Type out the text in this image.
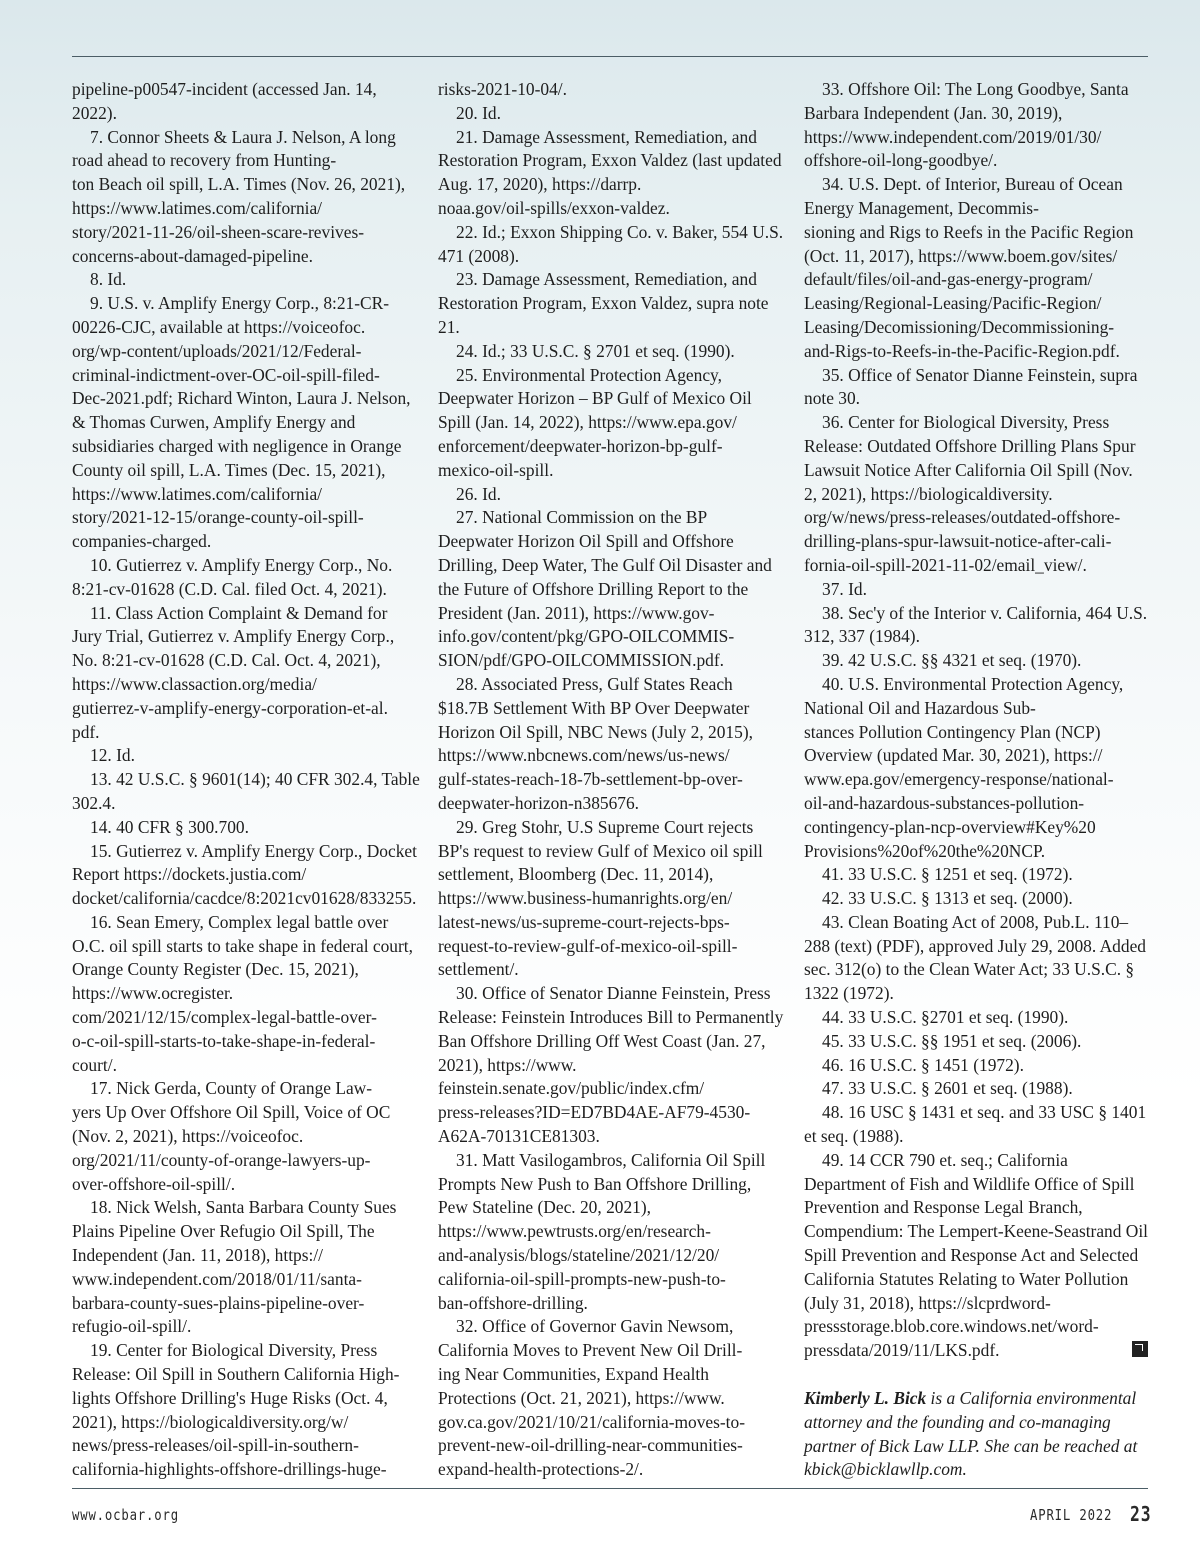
pipeline-p00547-incident (accessed Jan. 14, 2022).

7. Connor Sheets & Laura J. Nelson, A long road ahead to recovery from Hunting-
ton Beach oil spill, L.A. Times (Nov. 26, 2021), https://www.latimes.com/california/
story/2021-11-26/oil-sheen-scare-revives-
concerns-about-damaged-pipeline.

8. Id.

9. U.S. v. Amplify Energy Corp., 8:21-CR-
00226-CJC, available at https://voiceofoc.
org/wp-content/uploads/2021/12/Federal-
criminal-indictment-over-OC-oil-spill-filed-
Dec-2021.pdf; Richard Winton, Laura J. Nelson, & Thomas Curwen, Amplify Energy and subsidiaries charged with negligence in Orange County oil spill, L.A. Times (Dec. 15, 2021), https://www.latimes.com/california/
story/2021-12-15/orange-county-oil-spill-
companies-charged.

10. Gutierrez v. Amplify Energy Corp., No. 8:21-cv-01628 (C.D. Cal. filed Oct. 4, 2021).

11. Class Action Complaint & Demand for Jury Trial, Gutierrez v. Amplify Energy Corp., No. 8:21-cv-01628 (C.D. Cal. Oct. 4, 2021), https://www.classaction.org/media/
gutierrez-v-amplify-energy-corporation-et-al.
pdf.

12. Id.

13. 42 U.S.C. § 9601(14); 40 CFR 302.4, Table 302.4.

14. 40 CFR § 300.700.

15. Gutierrez v. Amplify Energy Corp., Docket Report https://dockets.justia.com/
docket/california/cacdce/8:2021cv01628/833255.

16. Sean Emery, Complex legal battle over O.C. oil spill starts to take shape in federal court, Orange County Register (Dec. 15, 2021), https://www.ocregister.
com/2021/12/15/complex-legal-battle-over-
o-c-oil-spill-starts-to-take-shape-in-federal-
court/.

17. Nick Gerda, County of Orange Law-
yers Up Over Offshore Oil Spill, Voice of OC (Nov. 2, 2021), https://voiceofoc.
org/2021/11/county-of-orange-lawyers-up-
over-offshore-oil-spill/.

18. Nick Welsh, Santa Barbara County Sues Plains Pipeline Over Refugio Oil Spill, The Independent (Jan. 11, 2018), https://
www.independent.com/2018/01/11/santa-
barbara-county-sues-plains-pipeline-over-
refugio-oil-spill/.

19. Center for Biological Diversity, Press Release: Oil Spill in Southern California High-
lights Offshore Drilling's Huge Risks (Oct. 4, 2021), https://biologicaldiversity.org/w/
news/press-releases/oil-spill-in-southern-
california-highlights-offshore-drillings-huge-

risks-2021-10-04/.

20. Id.

21. Damage Assessment, Remediation, and Restoration Program, Exxon Valdez (last updated Aug. 17, 2020), https://darrp.
noaa.gov/oil-spills/exxon-valdez.

22. Id.; Exxon Shipping Co. v. Baker, 554 U.S. 471 (2008).

23. Damage Assessment, Remediation, and Restoration Program, Exxon Valdez, supra note 21.

24. Id.; 33 U.S.C. § 2701 et seq. (1990).

25. Environmental Protection Agency, Deepwater Horizon – BP Gulf of Mexico Oil Spill (Jan. 14, 2022), https://www.epa.gov/
enforcement/deepwater-horizon-bp-gulf-
mexico-oil-spill.

26. Id.

27. National Commission on the BP Deepwater Horizon Oil Spill and Offshore Drilling, Deep Water, The Gulf Oil Disaster and the Future of Offshore Drilling Report to the President (Jan. 2011), https://www.gov-
info.gov/content/pkg/GPO-OILCOMMIS-
SION/pdf/GPO-OILCOMMISSION.pdf.

28. Associated Press, Gulf States Reach $18.7B Settlement With BP Over Deepwater Horizon Oil Spill, NBC News (July 2, 2015), https://www.nbcnews.com/news/us-news/
gulf-states-reach-18-7b-settlement-bp-over-
deepwater-horizon-n385676.

29. Greg Stohr, U.S Supreme Court rejects BP's request to review Gulf of Mexico oil spill settlement, Bloomberg (Dec. 11, 2014), https://www.business-humanrights.org/en/
latest-news/us-supreme-court-rejects-bps-
request-to-review-gulf-of-mexico-oil-spill-
settlement/.

30. Office of Senator Dianne Feinstein, Press Release: Feinstein Introduces Bill to Permanently Ban Offshore Drilling Off West Coast (Jan. 27, 2021), https://www.
feinstein.senate.gov/public/index.cfm/
press-releases?ID=ED7BD4AE-AF79-4530-
A62A-70131CE81303.

31. Matt Vasilogambros, California Oil Spill Prompts New Push to Ban Offshore Drilling, Pew Stateline (Dec. 20, 2021), https://www.pewtrusts.org/en/research-
and-analysis/blogs/stateline/2021/12/20/
california-oil-spill-prompts-new-push-to-
ban-offshore-drilling.

32. Office of Governor Gavin Newsom, California Moves to Prevent New Oil Drill-
ing Near Communities, Expand Health Protections (Oct. 21, 2021), https://www.
gov.ca.gov/2021/10/21/california-moves-to-
prevent-new-oil-drilling-near-communities-
expand-health-protections-2/.

33. Offshore Oil: The Long Goodbye, Santa Barbara Independent (Jan. 30, 2019), https://www.independent.com/2019/01/30/
offshore-oil-long-goodbye/.

34. U.S. Dept. of Interior, Bureau of Ocean Energy Management, Decommis-
sioning and Rigs to Reefs in the Pacific Region (Oct. 11, 2017), https://www.boem.gov/sites/
default/files/oil-and-gas-energy-program/
Leasing/Regional-Leasing/Pacific-Region/
Leasing/Decomissioning/Decommissioning-
and-Rigs-to-Reefs-in-the-Pacific-Region.pdf.

35. Office of Senator Dianne Feinstein, supra note 30.

36. Center for Biological Diversity, Press Release: Outdated Offshore Drilling Plans Spur Lawsuit Notice After California Oil Spill (Nov. 2, 2021), https://biologicaldiversity.
org/w/news/press-releases/outdated-offshore-
drilling-plans-spur-lawsuit-notice-after-cali-
fornia-oil-spill-2021-11-02/email_view/.

37. Id.

38. Sec'y of the Interior v. California, 464 U.S. 312, 337 (1984).

39. 42 U.S.C. §§ 4321 et seq. (1970).

40. U.S. Environmental Protection Agency, National Oil and Hazardous Sub-
stances Pollution Contingency Plan (NCP) Overview (updated Mar. 30, 2021), https://
www.epa.gov/emergency-response/national-
oil-and-hazardous-substances-pollution-
contingency-plan-ncp-overview#Key%20
Provisions%20of%20the%20NCP.

41. 33 U.S.C. § 1251 et seq. (1972).

42. 33 U.S.C. § 1313 et seq. (2000).

43. Clean Boating Act of 2008, Pub.L. 110–288 (text) (PDF), approved July 29, 2008. Added sec. 312(o) to the Clean Water Act; 33 U.S.C. § 1322 (1972).

44. 33 U.S.C. §2701 et seq. (1990).

45. 33 U.S.C. §§ 1951 et seq. (2006).

46. 16 U.S.C. § 1451 (1972).

47. 33 U.S.C. § 2601 et seq. (1988).

48. 16 USC § 1431 et seq. and 33 USC § 1401 et seq. (1988).

49. 14 CCR 790 et. seq.; California Department of Fish and Wildlife Office of Spill Prevention and Response Legal Branch, Compendium: The Lempert-Keene-Seastrand Oil Spill Prevention and Response Act and Selected California Statutes Relating to Water Pollution (July 31, 2018), https://slcprdword-
pressstorage.blob.core.windows.net/word-
pressdata/2019/11/LKS.pdf.

Kimberly L. Bick is a California environmental attorney and the founding and co-managing partner of Bick Law LLP. She can be reached at kbick@bicklawllp.com.
www.ocbar.org	APRIL 2022 23
